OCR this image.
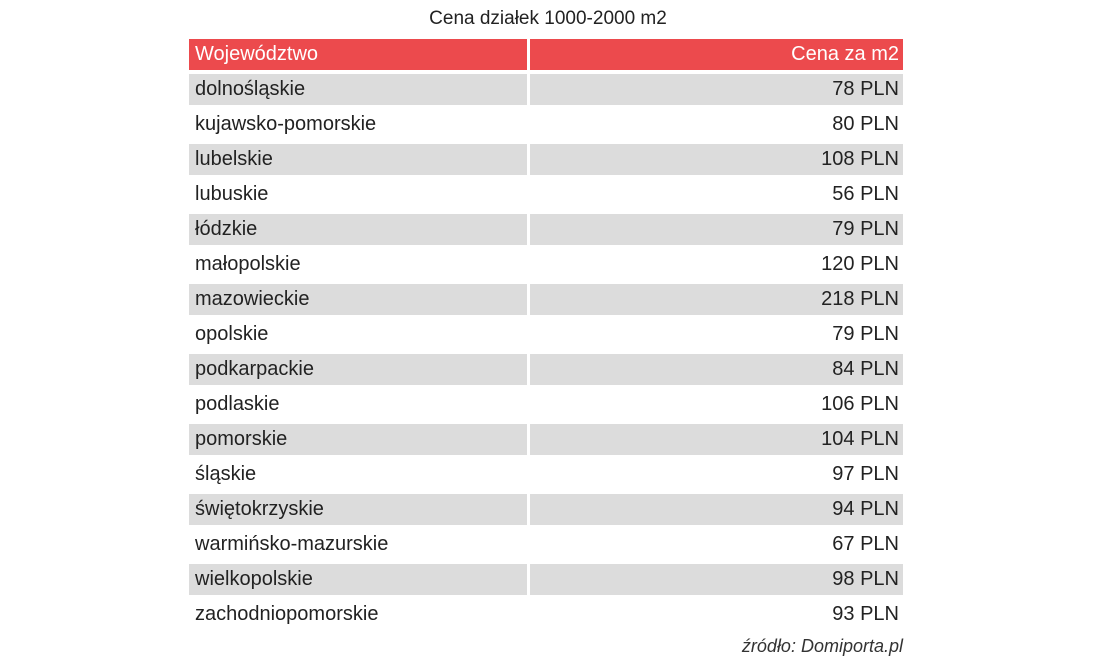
Cena działek 1000-2000 m2
Województwo	Cena za m2
dolnośląskie	78 PLN
kujawsko-pomorskie	80 PLN
lubelskie	108 PLN
lubuskie	56 PLN
łódzkie	79 PLN
małopolskie	120 PLN
mazowieckie	218 PLN
opolskie	79 PLN
podkarpackie	84 PLN
podlaskie	106 PLN
pomorskie	104 PLN
śląskie	97 PLN
świętokrzyskie	94 PLN
warmińsko-mazurskie	67 PLN
wielkopolskie	98 PLN
zachodniopomorskie	93 PLN
źródło: Domiporta.pl
